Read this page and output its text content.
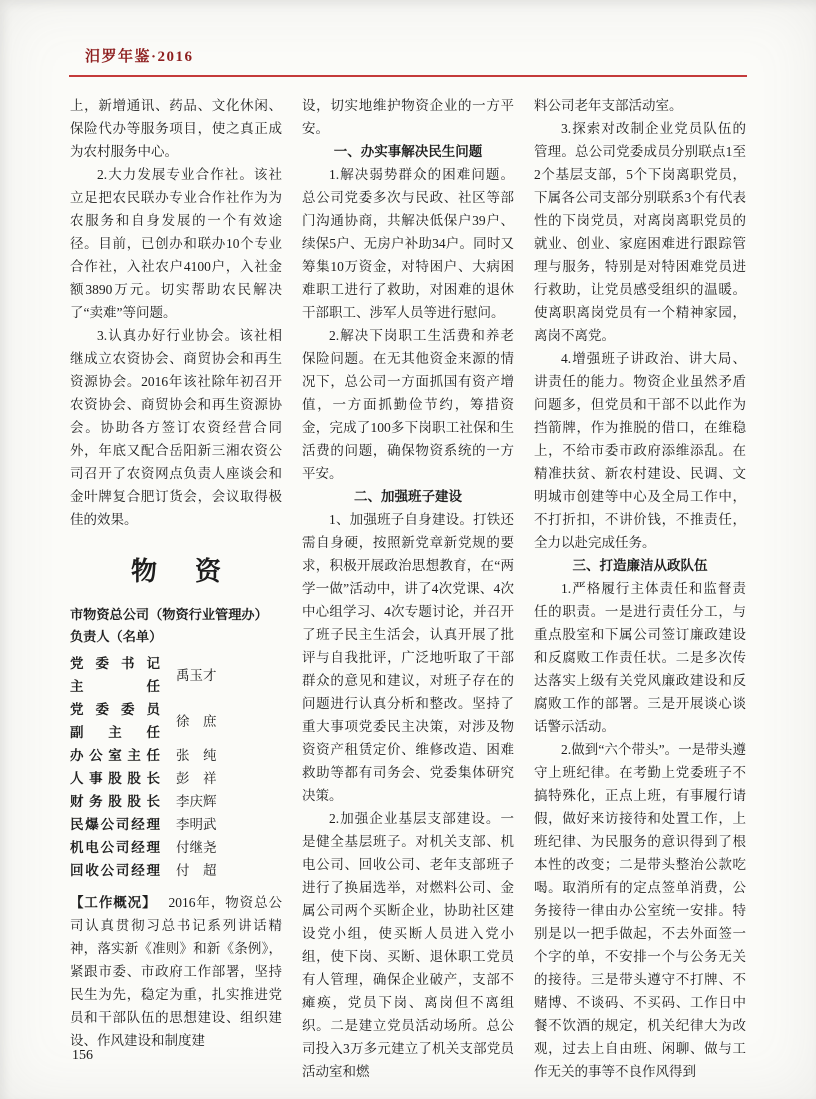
汨罗年鉴·2016

上，新增通讯、药品、文化休闲、保险代办等服务项目，使之真正成为农村服务中心。

2.大力发展专业合作社。该社立足把农民联办专业合作社作为为农服务和自身发展的一个有效途径。目前，已创办和联办10个专业合作社，入社农户4100户，入社金额3890万元。切实帮助农民解决了“卖难”等问题。

3.认真办好行业协会。该社相继成立农资协会、商贸协会和再生资源协会。2016年该社除年初召开农资协会、商贸协会和再生资源协会。协助各方签订农资经营合同外，年底又配合岳阳新三湘农资公司召开了农资网点负责人座谈会和金叶牌复合肥订货会，会议取得极佳的效果。

物　资
市物资总公司（物资行业管理办）
负责人（名单）
党委书记
主任
禹玉才
党委委员
副主任
徐　庶
办公室主任 张　纯
人事股股长 彭　祥
财务股股长 李庆辉
民爆公司经理 李明武
机电公司经理 付继尧
回收公司经理 付　超

【工作概况】 2016年，物资总公司认真贯彻习总书记系列讲话精神，落实新《准则》和新《条例》，紧跟市委、市政府工作部署，坚持民生为先，稳定为重，扎实推进党员和干部队伍的思想建设、组织建设、作风建设和制度建

设，切实地维护物资企业的一方平安。

一、办实事解决民生问题

1.解决弱势群众的困难问题。总公司党委多次与民政、社区等部门沟通协商，共解决低保户39户、续保5户、无房户补助34户。同时又筹集10万资金，对特困户、大病困难职工进行了救助，对困难的退休干部职工、涉军人员等进行慰问。

2.解决下岗职工生活费和养老保险问题。在无其他资金来源的情况下，总公司一方面抓国有资产增值，一方面抓勤俭节约，筹措资金，完成了100多下岗职工社保和生活费的问题，确保物资系统的一方平安。

二、加强班子建设

1、加强班子自身建设。打铁还需自身硬，按照新党章新党规的要求，积极开展政治思想教育，在“两学一做”活动中，讲了4次党课、4次中心组学习、4次专题讨论，并召开了班子民主生活会，认真开展了批评与自我批评，广泛地听取了干部群众的意见和建议，对班子存在的问题进行认真分析和整改。坚持了重大事项党委民主决策，对涉及物资资产租赁定价、维修改造、困难救助等都有司务会、党委集体研究决策。

2.加强企业基层支部建设。一是健全基层班子。对机关支部、机电公司、回收公司、老年支部班子进行了换届选举，对燃料公司、金属公司两个买断企业，协助社区建设党小组，使买断人员进入党小组，使下岗、买断、退休职工党员有人管理，确保企业破产，支部不瘫痪，党员下岗、离岗但不离组织。二是建立党员活动场所。总公司投入3万多元建立了机关支部党员活动室和燃

料公司老年支部活动室。

3.探索对改制企业党员队伍的管理。总公司党委成员分别联点1至2个基层支部，5个下岗离职党员，下属各公司支部分别联系3个有代表性的下岗党员，对离岗离职党员的就业、创业、家庭困难进行跟踪管理与服务，特别是对特困难党员进行救助，让党员感受组织的温暖。使离职离岗党员有一个精神家园，离岗不离党。

4.增强班子讲政治、讲大局、讲责任的能力。物资企业虽然矛盾问题多，但党员和干部不以此作为挡箭牌，作为推脱的借口，在维稳上，不给市委市政府添维添乱。在精准扶贫、新农村建设、民调、文明城市创建等中心及全局工作中，不打折扣，不讲价钱，不推责任，全力以赴完成任务。

三、打造廉洁从政队伍

1.严格履行主体责任和监督责任的职责。一是进行责任分工，与重点股室和下属公司签订廉政建设和反腐败工作责任状。二是多次传达落实上级有关党风廉政建设和反腐败工作的部署。三是开展谈心谈话警示活动。

2.做到“六个带头”。一是带头遵守上班纪律。在考勤上党委班子不搞特殊化，正点上班，有事履行请假，做好来访接待和处置工作，上班纪律、为民服务的意识得到了根本性的改变；二是带头整治公款吃喝。取消所有的定点签单消费，公务接待一律由办公室统一安排。特别是以一把手做起，不去外面签一个字的单，不安排一个与公务无关的接待。三是带头遵守不打牌、不赌博、不谈码、不买码、工作日中餐不饮酒的规定，机关纪律大为改观，过去上自由班、闲聊、做与工作无关的事等不良作风得到

156
